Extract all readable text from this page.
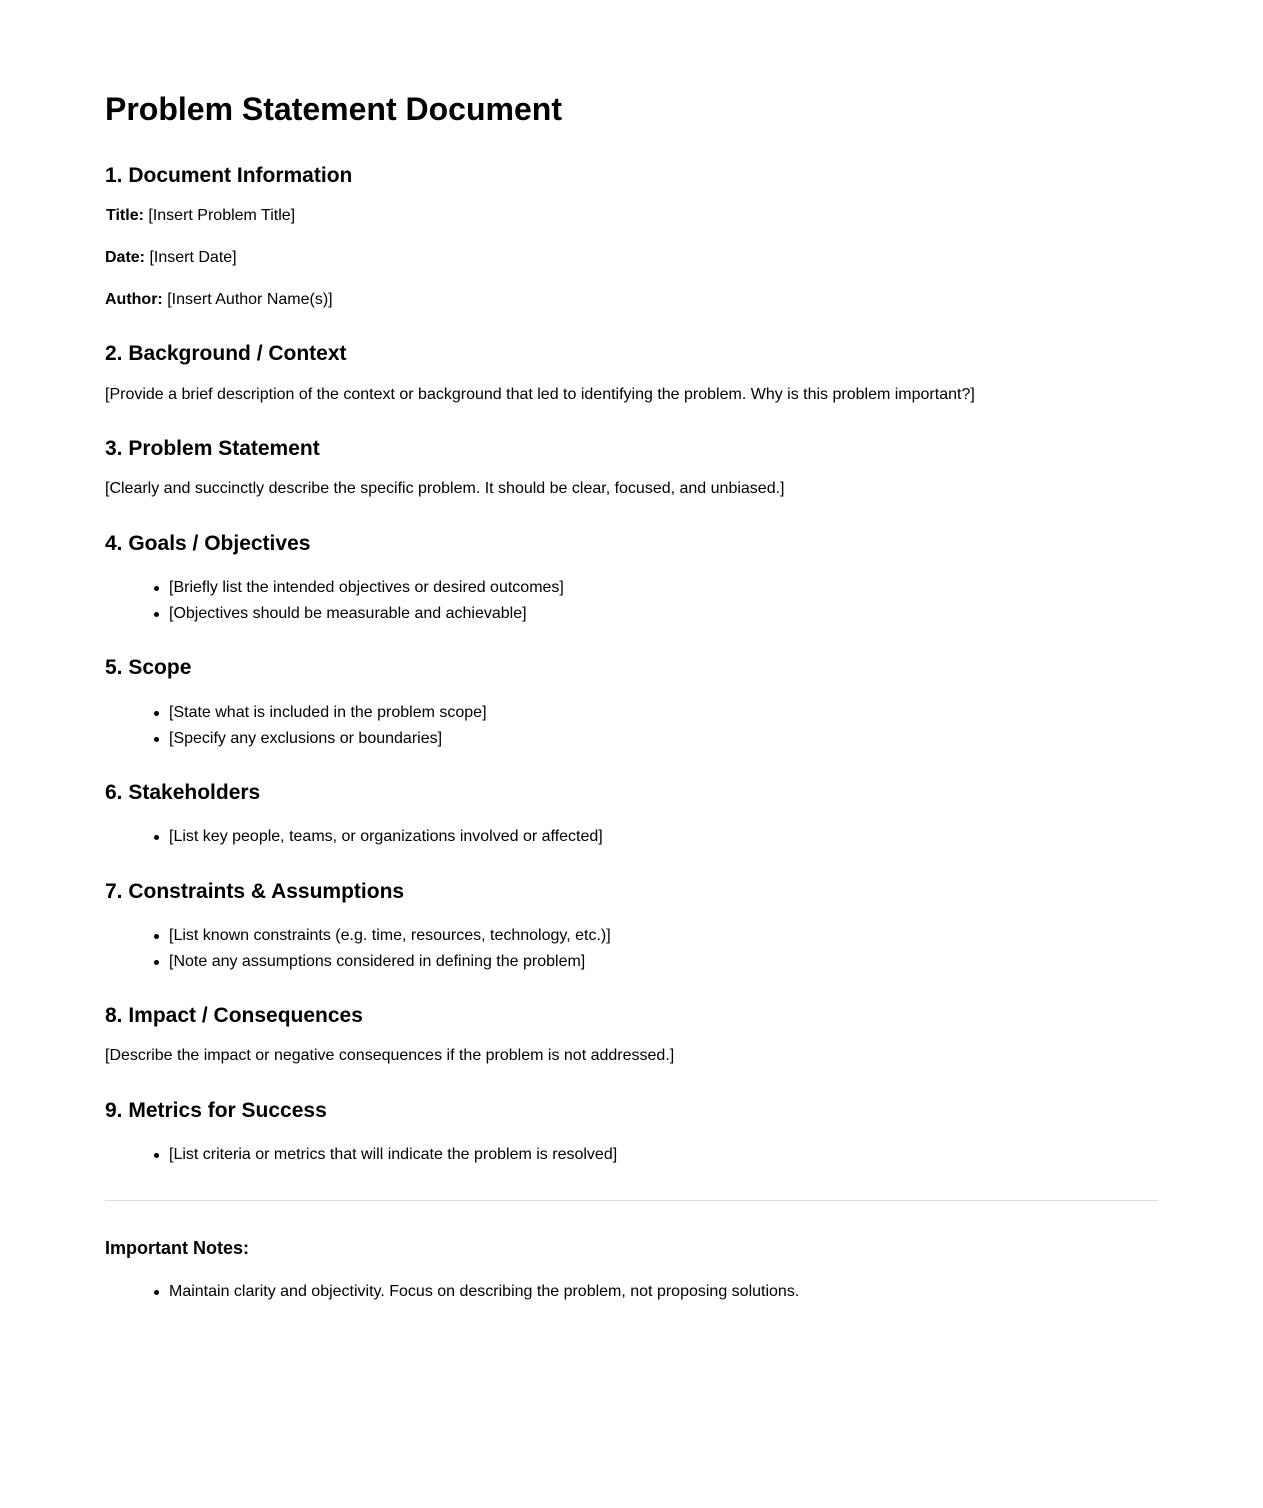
Problem Statement Document
1. Document Information

Title: [Insert Problem Title]

Date: [Insert Date]

Author: [Insert Author Name(s)]

2. Background / Context

[Provide a brief description of the context or background that led to identifying the problem. Why is this problem important?]

3. Problem Statement

[Clearly and succinctly describe the specific problem. It should be clear, focused, and unbiased.]

4. Goals / Objectives
[Briefly list the intended objectives or desired outcomes]
[Objectives should be measurable and achievable]
5. Scope
[State what is included in the problem scope]
[Specify any exclusions or boundaries]
6. Stakeholders
[List key people, teams, or organizations involved or affected]
7. Constraints & Assumptions
[List known constraints (e.g. time, resources, technology, etc.)]
[Note any assumptions considered in defining the problem]
8. Impact / Consequences

[Describe the impact or negative consequences if the problem is not addressed.]

9. Metrics for Success
[List criteria or metrics that will indicate the problem is resolved]
Important Notes:
Maintain clarity and objectivity. Focus on describing the problem, not proposing solutions.
